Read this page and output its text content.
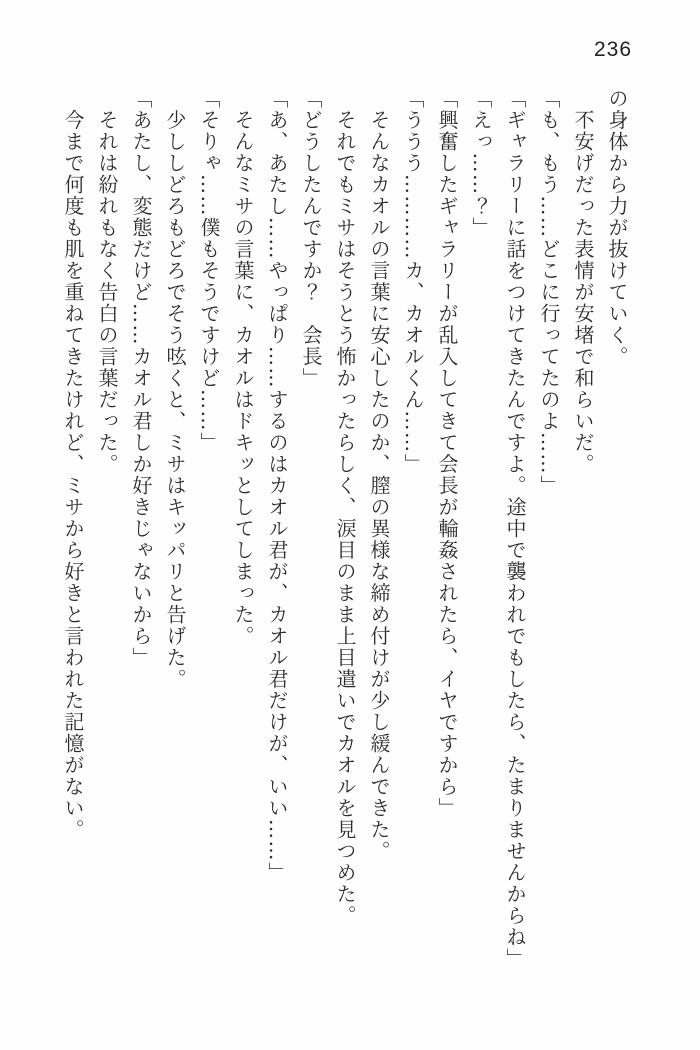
236

の身体から力が抜けていく。

　不安げだった表情が安堵で和らいだ。

「も、もう……どこに行ってたのよ……」

「ギャラリーに話をつけてきたんですよ。途中で襲われでもしたら、たまりませんからね」

「えっ……？」

「興奮したギャラリーが乱入してきて会長が輪姦されたら、イヤですから」

「ううう…………カ、カオルくん……」

　そんなカオルの言葉に安心したのか、膣の異様な締め付けが少し緩んできた。

　それでもミサはそうとう怖かったらしく、涙目のまま上目遣いでカオルを見つめた。

「どうしたんですか？　会長」

「あ、あたし……やっぱり……するのはカオル君が、カオル君だけが、いい……」

　そんなミサの言葉に、カオルはドキッとしてしまった。

「そりゃ……僕もそうですけど……」

　少ししどろもどろでそう呟くと、ミサはキッパリと告げた。

「あたし、変態だけど……カオル君しか好きじゃないから」

　それは紛れもなく告白の言葉だった。

　今まで何度も肌を重ねてきたけれど、ミサから好きと言われた記憶がない。
